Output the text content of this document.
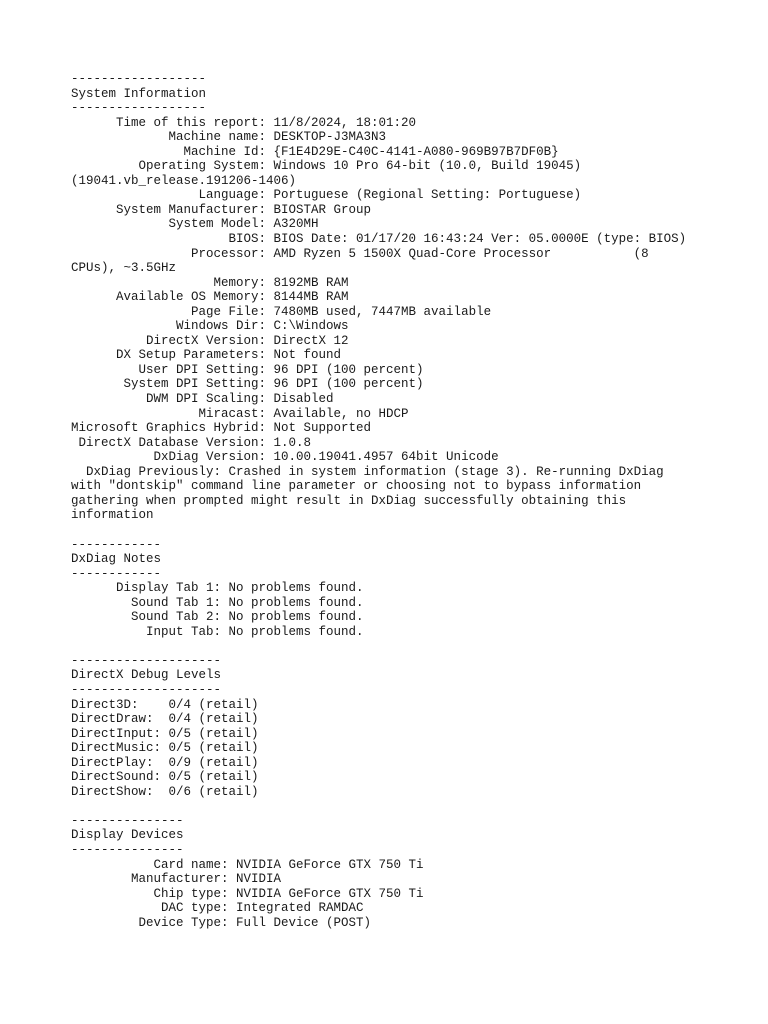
------------------
System Information
------------------
Time of this report: 11/8/2024, 18:01:20
Machine name: DESKTOP-J3MA3N3
Machine Id: {F1E4D29E-C40C-4141-A080-969B97B7DF0B}
Operating System: Windows 10 Pro 64-bit (10.0, Build 19045)
(19041.vb_release.191206-1406)
Language: Portuguese (Regional Setting: Portuguese)
System Manufacturer: BIOSTAR Group
System Model: A320MH
BIOS: BIOS Date: 01/17/20 16:43:24 Ver: 05.0000E (type: BIOS)
Processor: AMD Ryzen 5 1500X Quad-Core Processor           (8
CPUs), ~3.5GHz
Memory: 8192MB RAM
Available OS Memory: 8144MB RAM
Page File: 7480MB used, 7447MB available
Windows Dir: C:\Windows
DirectX Version: DirectX 12
DX Setup Parameters: Not found
User DPI Setting: 96 DPI (100 percent)
System DPI Setting: 96 DPI (100 percent)
DWM DPI Scaling: Disabled
Miracast: Available, no HDCP
Microsoft Graphics Hybrid: Not Supported
DirectX Database Version: 1.0.8
DxDiag Version: 10.00.19041.4957 64bit Unicode
DxDiag Previously: Crashed in system information (stage 3). Re-running DxDiag
with "dontskip" command line parameter or choosing not to bypass information
gathering when prompted might result in DxDiag successfully obtaining this
information
------------
DxDiag Notes
------------
Display Tab 1: No problems found.
Sound Tab 1: No problems found.
Sound Tab 2: No problems found.
Input Tab: No problems found.
--------------------
DirectX Debug Levels
--------------------
Direct3D:    0/4 (retail)
DirectDraw:  0/4 (retail)
DirectInput: 0/5 (retail)
DirectMusic: 0/5 (retail)
DirectPlay:  0/9 (retail)
DirectSound: 0/5 (retail)
DirectShow:  0/6 (retail)
---------------
Display Devices
---------------
Card name: NVIDIA GeForce GTX 750 Ti
Manufacturer: NVIDIA
Chip type: NVIDIA GeForce GTX 750 Ti
DAC type: Integrated RAMDAC
Device Type: Full Device (POST)
